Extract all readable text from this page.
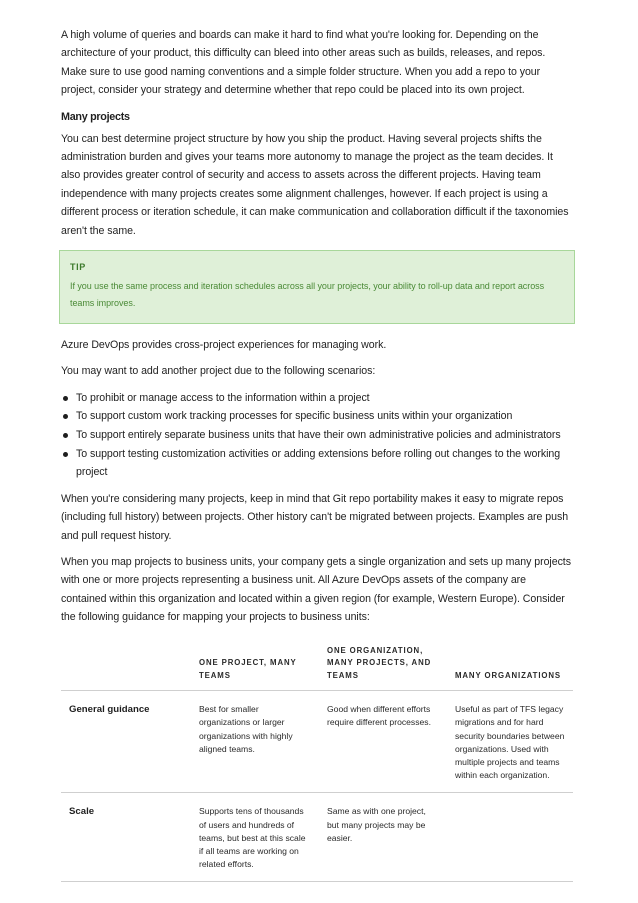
A high volume of queries and boards can make it hard to find what you're looking for. Depending on the architecture of your product, this difficulty can bleed into other areas such as builds, releases, and repos. Make sure to use good naming conventions and a simple folder structure. When you add a repo to your project, consider your strategy and determine whether that repo could be placed into its own project.

Many projects

You can best determine project structure by how you ship the product. Having several projects shifts the administration burden and gives your teams more autonomy to manage the project as the team decides. It also provides greater control of security and access to assets across the different projects. Having team independence with many projects creates some alignment challenges, however. If each project is using a different process or iteration schedule, it can make communication and collaboration difficult if the taxonomies aren't the same.

TIP
If you use the same process and iteration schedules across all your projects, your ability to roll-up data and report across teams improves.

Azure DevOps provides cross-project experiences for managing work.

You may want to add another project due to the following scenarios:

To prohibit or manage access to the information within a project
To support custom work tracking processes for specific business units within your organization
To support entirely separate business units that have their own administrative policies and administrators
To support testing customization activities or adding extensions before rolling out changes to the working project

When you're considering many projects, keep in mind that Git repo portability makes it easy to migrate repos (including full history) between projects. Other history can't be migrated between projects. Examples are push and pull request history.

When you map projects to business units, your company gets a single organization and sets up many projects with one or more projects representing a business unit. All Azure DevOps assets of the company are contained within this organization and located within a given region (for example, Western Europe). Consider the following guidance for mapping your projects to business units:

	ONE PROJECT, MANY TEAMS	ONE ORGANIZATION, MANY PROJECTS, AND TEAMS	MANY ORGANIZATIONS
General guidance	Best for smaller organizations or larger organizations with highly aligned teams.	Good when different efforts require different processes.	Useful as part of TFS legacy migrations and for hard security boundaries between organizations. Used with multiple projects and teams within each organization.
Scale	Supports tens of thousands of users and hundreds of teams, but best at this scale if all teams are working on related efforts.	Same as with one project, but many projects may be easier.	
